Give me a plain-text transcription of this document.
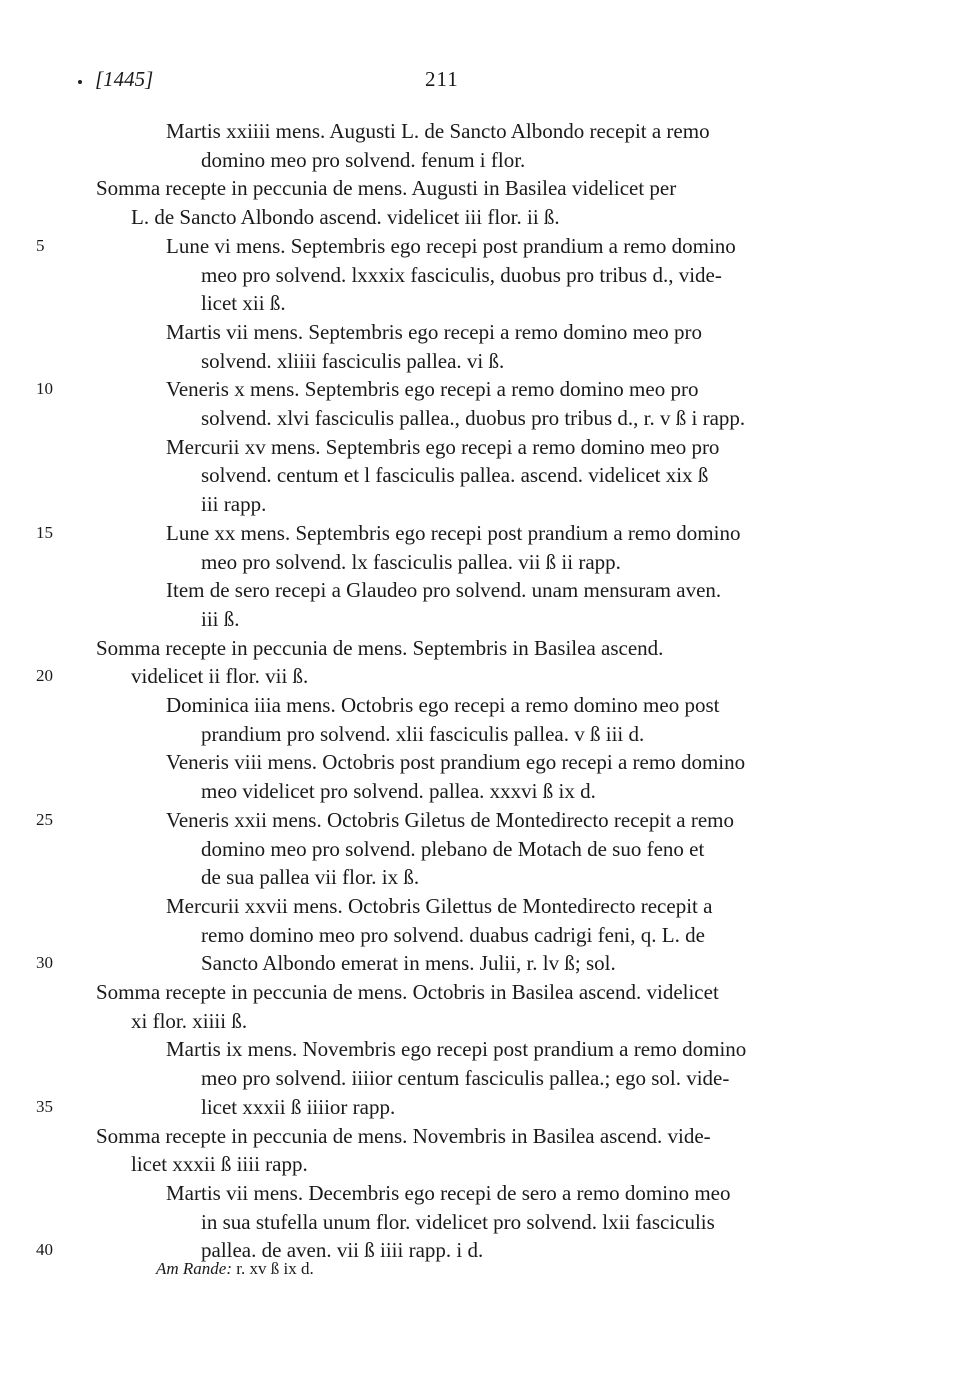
[1445]	211
Martis xxiiii mens. Augusti L. de Sancto Albondo recepit a remo
domino meo pro solvend. fenum i flor.
Somma recepte in peccunia de mens. Augusti in Basilea videlicet per
L. de Sancto Albondo ascend. videlicet iii flor. ii ß.
5	Lune vi mens. Septembris ego recepi post prandium a remo domino
meo pro solvend. lxxxix fasciculis, duobus pro tribus d., vide-
licet xii ß.
Martis vii mens. Septembris ego recepi a remo domino meo pro
solvend. xliiii fasciculis pallea. vi ß.
10	Veneris x mens. Septembris ego recepi a remo domino meo pro
solvend. xlvi fasciculis pallea., duobus pro tribus d., r. v ß i rapp.
Mercurii xv mens. Septembris ego recepi a remo domino meo pro
solvend. centum et l fasciculis pallea. ascend. videlicet xix ß
iii rapp.
15	Lune xx mens. Septembris ego recepi post prandium a remo domino
meo pro solvend. lx fasciculis pallea. vii ß ii rapp.
Item de sero recepi a Glaudeo pro solvend. unam mensuram aven.
iii ß.
Somma recepte in peccunia de mens. Septembris in Basilea ascend.
20	videlicet ii flor. vii ß.
Dominica iiia mens. Octobris ego recepi a remo domino meo post
prandium pro solvend. xlii fasciculis pallea. v ß iii d.
Veneris viii mens. Octobris post prandium ego recepi a remo domino
meo videlicet pro solvend. pallea. xxxvi ß ix d.
25	Veneris xxii mens. Octobris Giletus de Montedirecto recepit a remo
domino meo pro solvend. plebano de Motach de suo feno et
de sua pallea vii flor. ix ß.
Mercurii xxvii mens. Octobris Gilettus de Montedirecto recepit a
remo domino meo pro solvend. duabus cadrigi feni, q. L. de
30	Sancto Albondo emerat in mens. Julii, r. lv ß; sol.
Somma recepte in peccunia de mens. Octobris in Basilea ascend. videlicet
xi flor. xiiii ß.
Martis ix mens. Novembris ego recepi post prandium a remo domino
meo pro solvend. iiiior centum fasciculis pallea.; ego sol. vide-
35	licet xxxii ß iiiior rapp.
Somma recepte in peccunia de mens. Novembris in Basilea ascend. vide-
licet xxxii ß iiii rapp.
Martis vii mens. Decembris ego recepi de sero a remo domino meo
in sua stufella unum flor. videlicet pro solvend. lxii fasciculis
40	pallea. de aven. vii ß iiii rapp. i d.
Am Rande: r. xv ß ix d.
